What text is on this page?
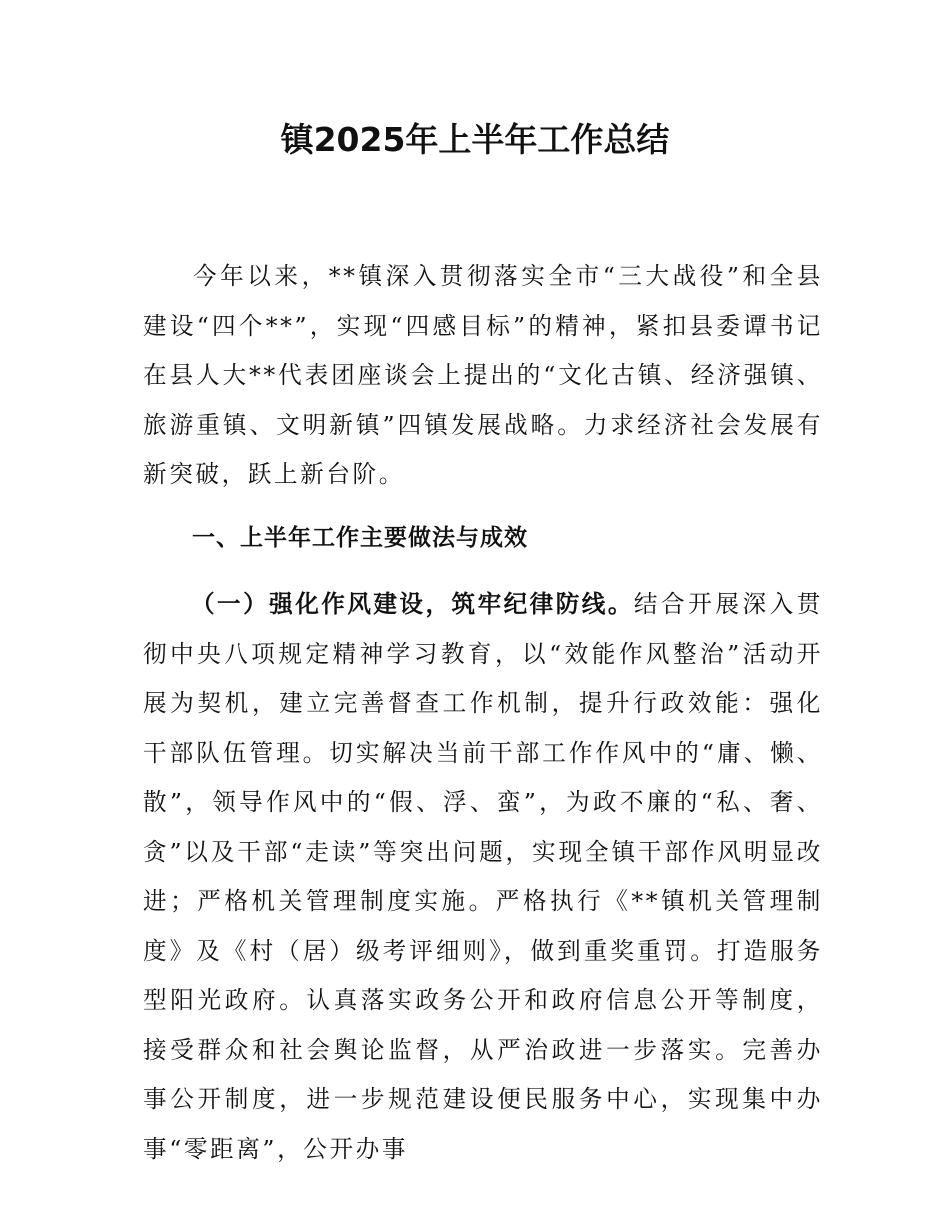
镇2025年上半年工作总结

今年以来，**镇深入贯彻落实全市“三大战役”和全县建设“四个**”，实现“四感目标”的精神，紧扣县委谭书记在县人大**代表团座谈会上提出的“文化古镇、经济强镇、旅游重镇、文明新镇”四镇发展战略。力求经济社会发展有新突破，跃上新台阶。

一、上半年工作主要做法与成效

（一）强化作风建设，筑牢纪律防线。结合开展深入贯彻中央八项规定精神学习教育，以“效能作风整治”活动开展为契机，建立完善督查工作机制，提升行政效能：强化干部队伍管理。切实解决当前干部工作作风中的“庸、懒、散”，领导作风中的“假、浮、蛮”，为政不廉的“私、奢、贪”以及干部“走读”等突出问题，实现全镇干部作风明显改进；严格机关管理制度实施。严格执行《**镇机关管理制度》及《村（居）级考评细则》，做到重奖重罚。打造服务型阳光政府。认真落实政务公开和政府信息公开等制度，接受群众和社会舆论监督，从严治政进一步落实。完善办事公开制度，进一步规范建设便民服务中心，实现集中办事“零距离”，公开办事
